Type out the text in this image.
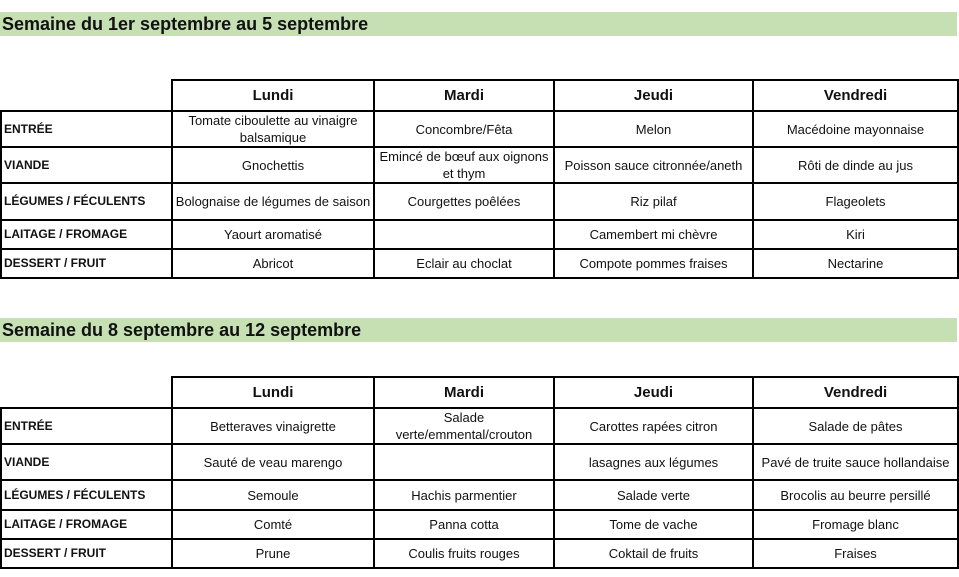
Semaine du 1er septembre au 5 septembre
	Lundi	Mardi	Jeudi	Vendredi
ENTRÉE	Tomate ciboulette au vinaigre balsamique	Concombre/Fêta	Melon	Macédoine mayonnaise
VIANDE	Gnochettis	Emincé de bœuf aux oignons et thym	Poisson sauce citronnée/aneth	Rôti de dinde au jus
LÉGUMES / FÉCULENTS	Bolognaise de légumes de saison	Courgettes poêlées	Riz pilaf	Flageolets
LAITAGE / FROMAGE	Yaourt aromatisé		Camembert mi chèvre	Kiri
DESSERT / FRUIT	Abricot	Eclair au choclat	Compote pommes fraises	Nectarine
Semaine du 8 septembre au 12 septembre
	Lundi	Mardi	Jeudi	Vendredi
ENTRÉE	Betteraves vinaigrette	Salade verte/emmental/crouton	Carottes rapées citron	Salade de pâtes
VIANDE	Sauté de veau marengo		lasagnes aux légumes	Pavé de truite sauce hollandaise
LÉGUMES / FÉCULENTS	Semoule	Hachis parmentier	Salade verte	Brocolis au beurre persillé
LAITAGE / FROMAGE	Comté	Panna cotta	Tome de vache	Fromage blanc
DESSERT / FRUIT	Prune	Coulis fruits rouges	Coktail de fruits	Fraises
